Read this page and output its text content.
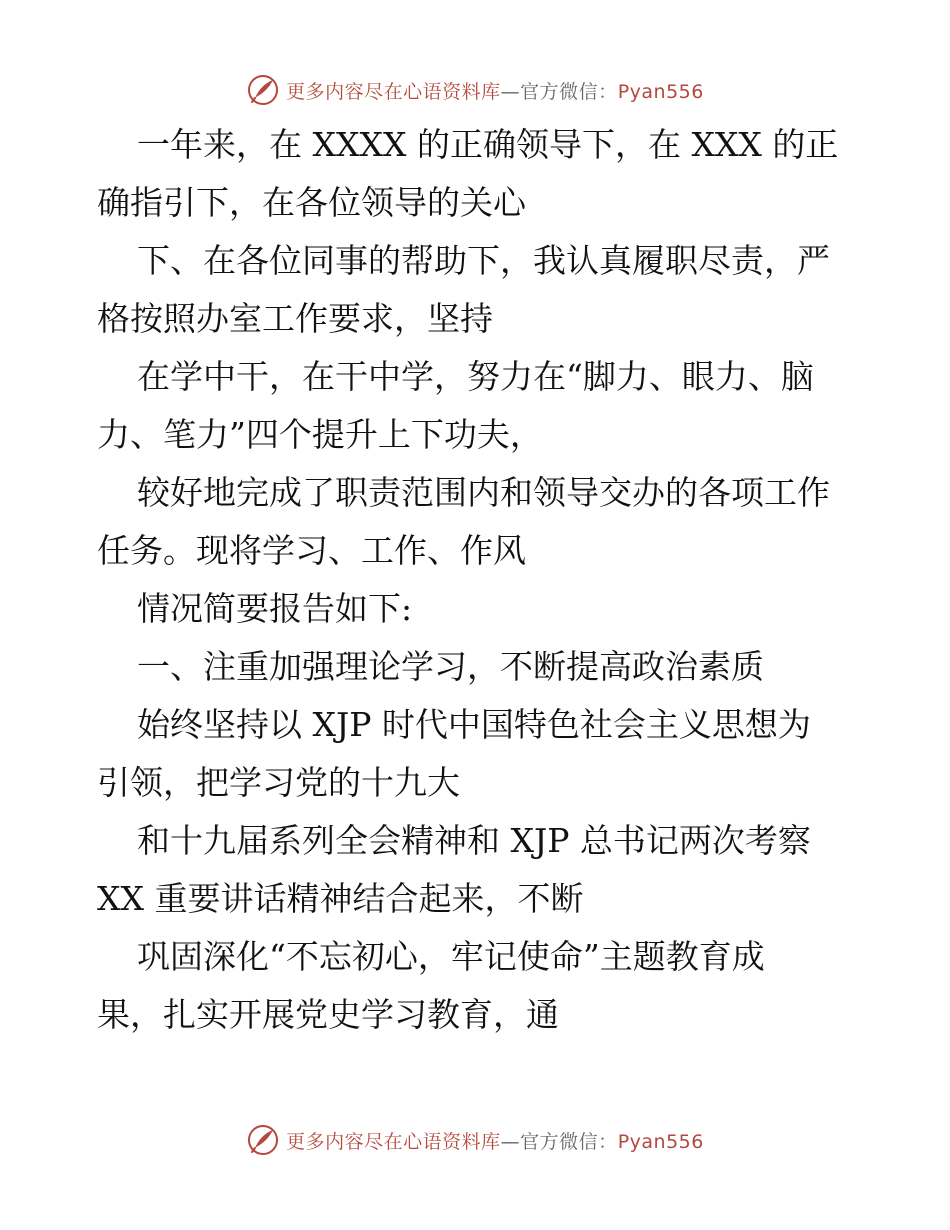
更多内容尽在心语资料库—官方微信：Pyan556
一年来，在 XXXX 的正确领导下，在 XXX 的正
确指引下，在各位领导的关心
下、在各位同事的帮助下，我认真履职尽责，严
格按照办室工作要求，坚持
在学中干，在干中学，努力在“脚力、眼力、脑
力、笔力”四个提升上下功夫，
较好地完成了职责范围内和领导交办的各项工作
任务。现将学习、工作、作风
情况简要报告如下:
一、注重加强理论学习，不断提高政治素质
始终坚持以 XJP 时代中国特色社会主义思想为
引领，把学习党的十九大
和十九届系列全会精神和 XJP 总书记两次考察
XX 重要讲话精神结合起来，不断
巩固深化“不忘初心，牢记使命”主题教育成
果，扎实开展党史学习教育，通
更多内容尽在心语资料库—官方微信：Pyan556
